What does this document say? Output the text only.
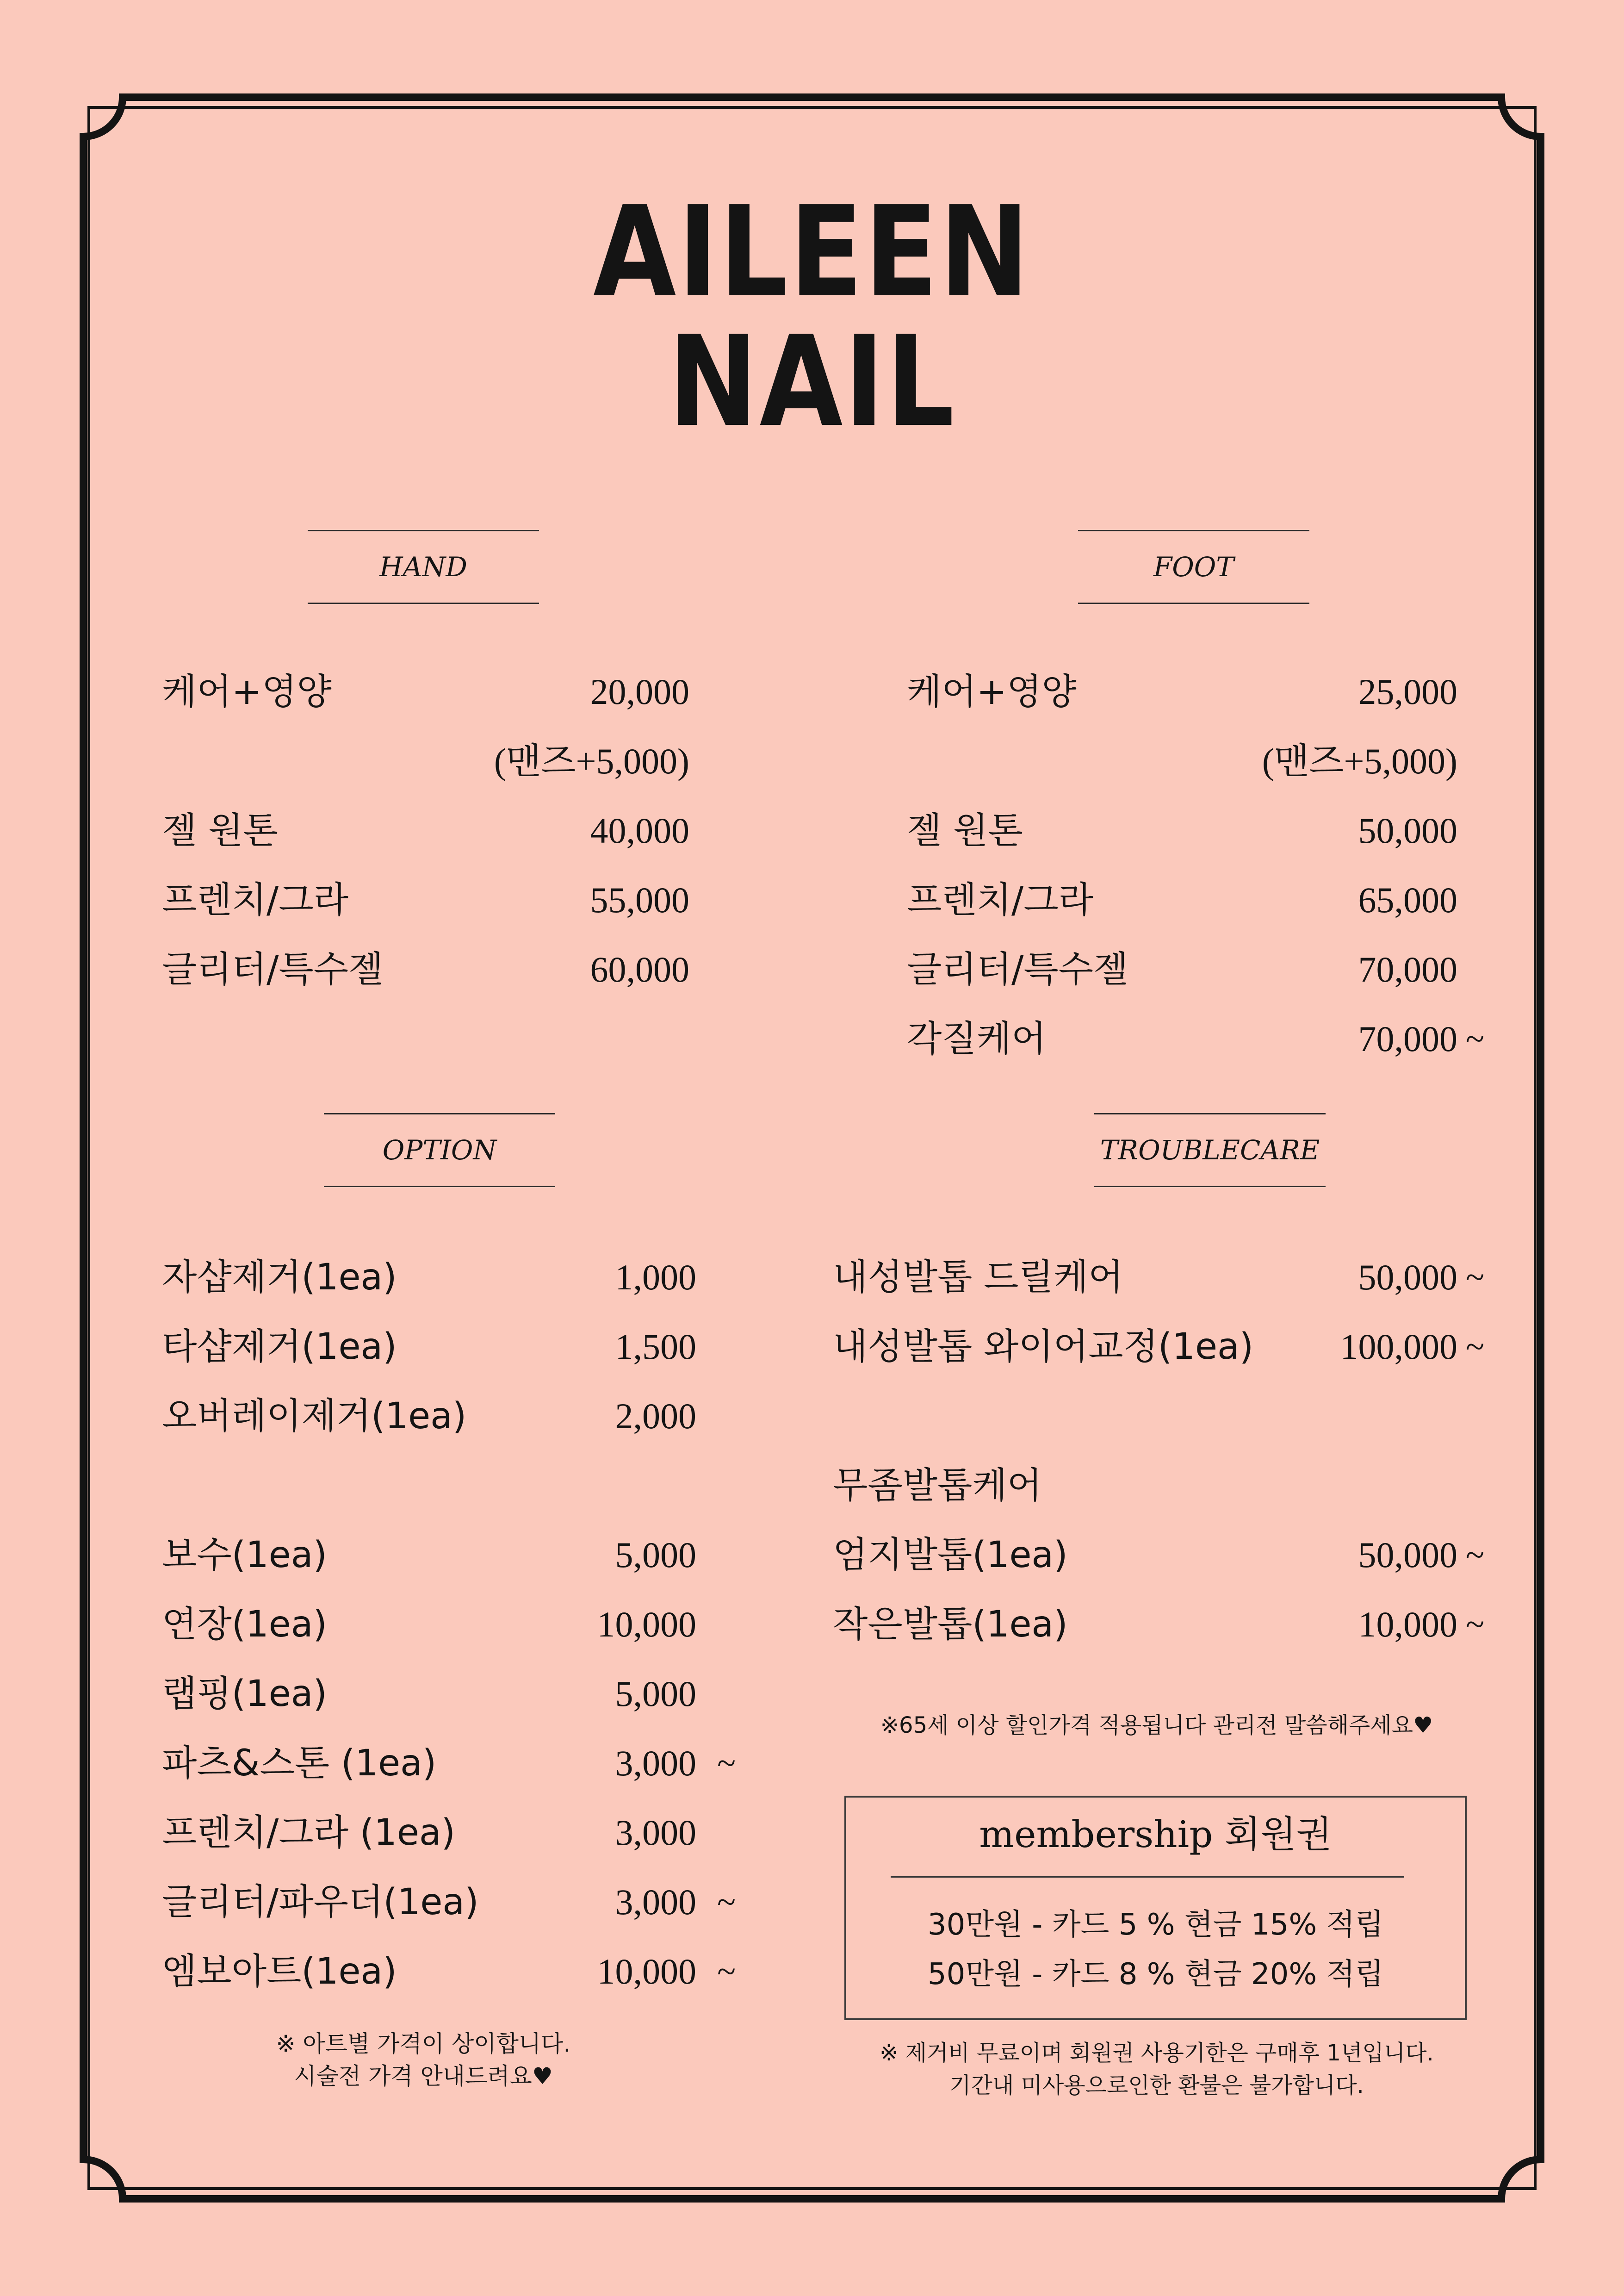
AILEEN
NAIL
HAND	FOOT
OPTION	TROUBLECARE
케어+영양	20,000
(맨즈+5,000)
젤 원톤	40,000
프렌치/그라	55,000
글리터/특수젤	60,000
케어+영양	25,000
(맨즈+5,000)
젤 원톤	50,000
프렌치/그라	65,000
글리터/특수젤	70,000
각질케어	70,000 ~
자샵제거(1ea)	1,000
타샵제거(1ea)	1,500
오버레이제거(1ea)	2,000
보수(1ea)	5,000
연장(1ea)	10,000
랩핑(1ea)	5,000
파츠&스톤 (1ea)	3,000 ~
프렌치/그라 (1ea)	3,000
글리터/파우더(1ea)	3,000 ~
엠보아트(1ea)	10,000 ~
※ 아트별 가격이 상이합니다.
시술전 가격 안내드려요♥
내성발톱 드릴케어	50,000 ~
내성발톱 와이어교정(1ea) 100,000 ~
무좀발톱케어
엄지발톱(1ea)	50,000 ~
작은발톱(1ea)	10,000 ~
※65세 이상 할인가격 적용됩니다 관리전 말씀해주세요♥
membership 회원권
30만원 - 카드 5 % 현금 15% 적립
50만원 - 카드 8 % 현금 20% 적립
※ 제거비 무료이며 회원권 사용기한은 구매후 1년입니다.
기간내 미사용으로인한 환불은 불가합니다.
